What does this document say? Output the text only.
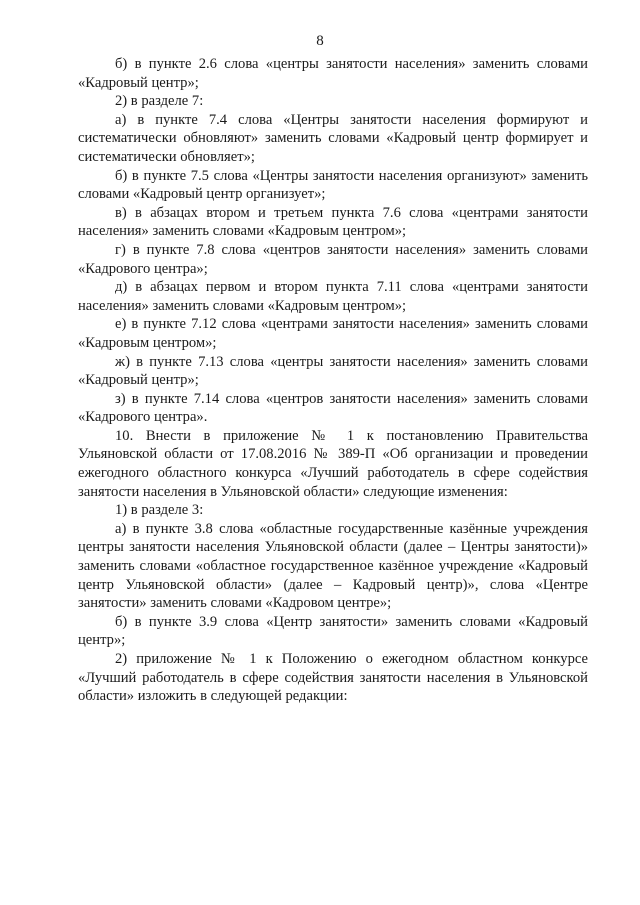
8

б) в пункте 2.6 слова «центры занятости населения» заменить словами «Кадровый центр»;

2) в разделе 7:

а) в пункте 7.4 слова «Центры занятости населения формируют и систематически обновляют» заменить словами «Кадровый центр формирует и систематически обновляет»;

б) в пункте 7.5 слова «Центры занятости населения организуют» заменить словами «Кадровый центр организует»;

в) в абзацах втором и третьем пункта 7.6 слова «центрами занятости населения» заменить словами «Кадровым центром»;

г) в пункте 7.8 слова «центров занятости населения» заменить словами «Кадрового центра»;

д) в абзацах первом и втором пункта 7.11 слова «центрами занятости населения» заменить словами «Кадровым центром»;

е) в пункте 7.12 слова «центрами занятости населения» заменить словами «Кадровым центром»;

ж) в пункте 7.13 слова «центры занятости населения» заменить словами «Кадровый центр»;

з) в пункте 7.14 слова «центров занятости населения» заменить словами «Кадрового центра».

10. Внести в приложение № 1 к постановлению Правительства Ульяновской области от 17.08.2016 № 389-П «Об организации и проведении ежегодного областного конкурса «Лучший работодатель в сфере содействия занятости населения в Ульяновской области» следующие изменения:

1) в разделе 3:

а) в пункте 3.8 слова «областные государственные казённые учреждения центры занятости населения Ульяновской области (далее – Центры занятости)» заменить словами «областное государственное казённое учреждение «Кадровый центр Ульяновской области» (далее – Кадровый центр)», слова «Центре занятости» заменить словами «Кадровом центре»;

б) в пункте 3.9 слова «Центр занятости» заменить словами «Кадровый центр»;

2) приложение № 1 к Положению о ежегодном областном конкурсе «Лучший работодатель в сфере содействия занятости населения в Ульяновской области» изложить в следующей редакции:
